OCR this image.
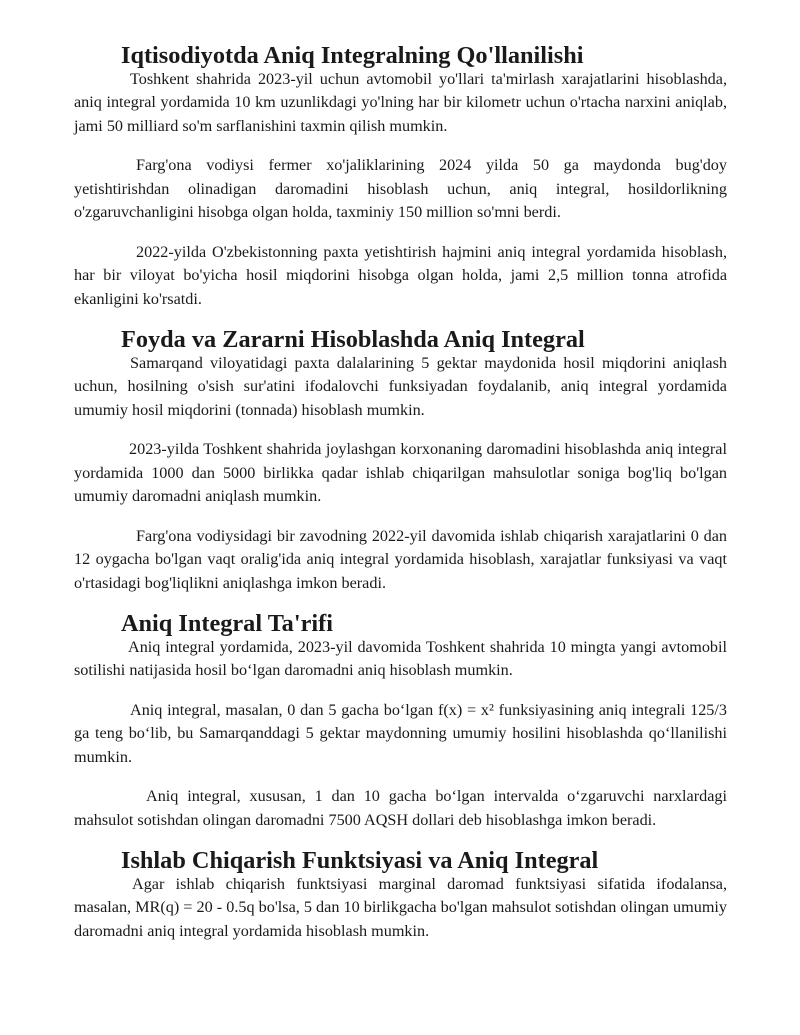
Iqtisodiyotda Aniq Integralning Qo'llanilishi

Toshkent shahrida 2023-yil uchun avtomobil yo'llari ta'mirlash xarajatlarini hisoblashda, aniq integral yordamida 10 km uzunlikdagi yo'lning har bir kilometr uchun o'rtacha narxini aniqlab, jami 50 milliard so'm sarflanishini taxmin qilish mumkin.

Farg'ona vodiysi fermer xo'jaliklarining 2024 yilda 50 ga maydonda bug'doy yetishtirishdan olinadigan daromadini hisoblash uchun, aniq integral, hosildorlikning o'zgaruvchanligini hisobga olgan holda, taxminiy 150 million so'mni berdi.

2022-yilda O'zbekistonning paxta yetishtirish hajmini aniq integral yordamida hisoblash, har bir viloyat bo'yicha hosil miqdorini hisobga olgan holda, jami 2,5 million tonna atrofida ekanligini ko'rsatdi.

Foyda va Zararni Hisoblashda Aniq Integral

Samarqand viloyatidagi paxta dalalarining 5 gektar maydonida hosil miqdorini aniqlash uchun, hosilning o'sish sur'atini ifodalovchi funksiyadan foydalanib, aniq integral yordamida umumiy hosil miqdorini (tonnada) hisoblash mumkin.

2023-yilda Toshkent shahrida joylashgan korxonaning daromadini hisoblashda aniq integral yordamida 1000 dan 5000 birlikka qadar ishlab chiqarilgan mahsulotlar soniga bog'liq bo'lgan umumiy daromadni aniqlash mumkin.

Farg'ona vodiysidagi bir zavodning 2022-yil davomida ishlab chiqarish xarajatlarini 0 dan 12 oygacha bo'lgan vaqt oralig'ida aniq integral yordamida hisoblash, xarajatlar funksiyasi va vaqt o'rtasidagi bog'liqlikni aniqlashga imkon beradi.

Aniq Integral Ta'rifi

Aniq integral yordamida, 2023-yil davomida Toshkent shahrida 10 mingta yangi avtomobil sotilishi natijasida hosil bo‘lgan daromadni aniq hisoblash mumkin.

Aniq integral, masalan, 0 dan 5 gacha bo‘lgan f(x) = x² funksiyasining aniq integrali 125/3 ga teng bo‘lib, bu Samarqanddagi 5 gektar maydonning umumiy hosilini hisoblashda qo‘llanilishi mumkin.

Aniq integral, xususan, 1 dan 10 gacha bo‘lgan intervalda o‘zgaruvchi narxlardagi mahsulot sotishdan olingan daromadni 7500 AQSH dollari deb hisoblashga imkon beradi.

Ishlab Chiqarish Funktsiyasi va Aniq Integral

Agar ishlab chiqarish funktsiyasi marginal daromad funktsiyasi sifatida ifodalansa, masalan, MR(q) = 20 - 0.5q bo'lsa, 5 dan 10 birlikgacha bo'lgan mahsulot sotishdan olingan umumiy daromadni aniq integral yordamida hisoblash mumkin.
